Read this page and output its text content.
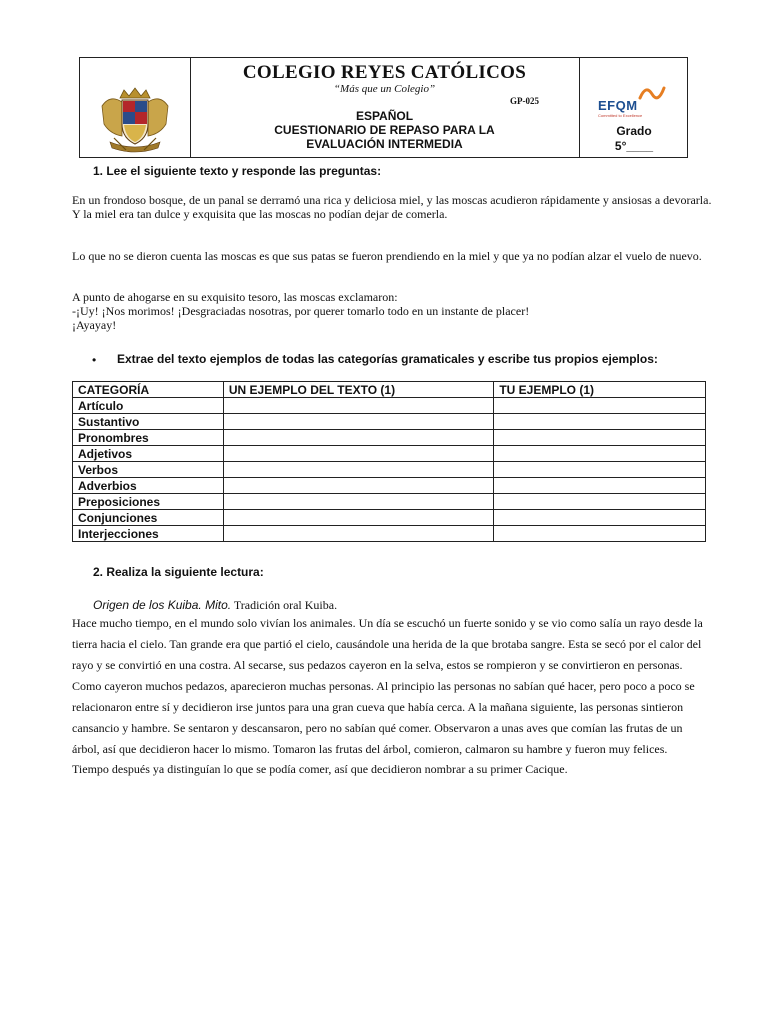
COLEGIO REYES CATÓLICOS
“Más que un Colegio”
GP-025
ESPAÑOL
CUESTIONARIO DE REPASO PARA LA
EVALUACIÓN INTERMEDIA
EFQM
Committed to Excellence
Grado
5°____
1. Lee el siguiente texto y responde las preguntas:
En un frondoso bosque, de un panal se derramó una rica y deliciosa miel, y las moscas acudieron rápidamente y ansiosas a devorarla. Y la miel era tan dulce y exquisita que las moscas no podían dejar de comerla.
Lo que no se dieron cuenta las moscas es que sus patas se fueron prendiendo en la miel y que ya no podían alzar el vuelo de nuevo.
A punto de ahogarse en su exquisito tesoro, las moscas exclamaron:
-¡Uy! ¡Nos morimos! ¡Desgraciadas nosotras, por querer tomarlo todo en un instante de placer!
¡Ayayay!
• Extrae del texto ejemplos de todas las categorías gramaticales y escribe tus propios ejemplos:
CATEGORÍA	UN EJEMPLO DEL TEXTO (1)	TU EJEMPLO (1)
Artículo		
Sustantivo		
Pronombres		
Adjetivos		
Verbos		
Adverbios		
Preposiciones		
Conjunciones		
Interjecciones		
2. Realiza la siguiente lectura:
Origen de los Kuiba. Mito. Tradición oral Kuiba.
Hace mucho tiempo, en el mundo solo vivían los animales. Un día se escuchó un fuerte sonido y se vio como salía un rayo desde la tierra hacia el cielo. Tan grande era que partió el cielo, causándole una herida de la que brotaba sangre. Esta se secó por el calor del rayo y se convirtió en una costra. Al secarse, sus pedazos cayeron en la selva, estos se rompieron y se convirtieron en personas. Como cayeron muchos pedazos, aparecieron muchas personas. Al principio las personas no sabían qué hacer, pero poco a poco se relacionaron entre sí y decidieron irse juntos para una gran cueva que había cerca. A la mañana siguiente, las personas sintieron cansancio y hambre. Se sentaron y descansaron, pero no sabían qué comer. Observaron a unas aves que comían las frutas de un árbol, así que decidieron hacer lo mismo. Tomaron las frutas del árbol, comieron, calmaron su hambre y fueron muy felices.
Tiempo después ya distinguían lo que se podía comer, así que decidieron nombrar a su primer Cacique.
